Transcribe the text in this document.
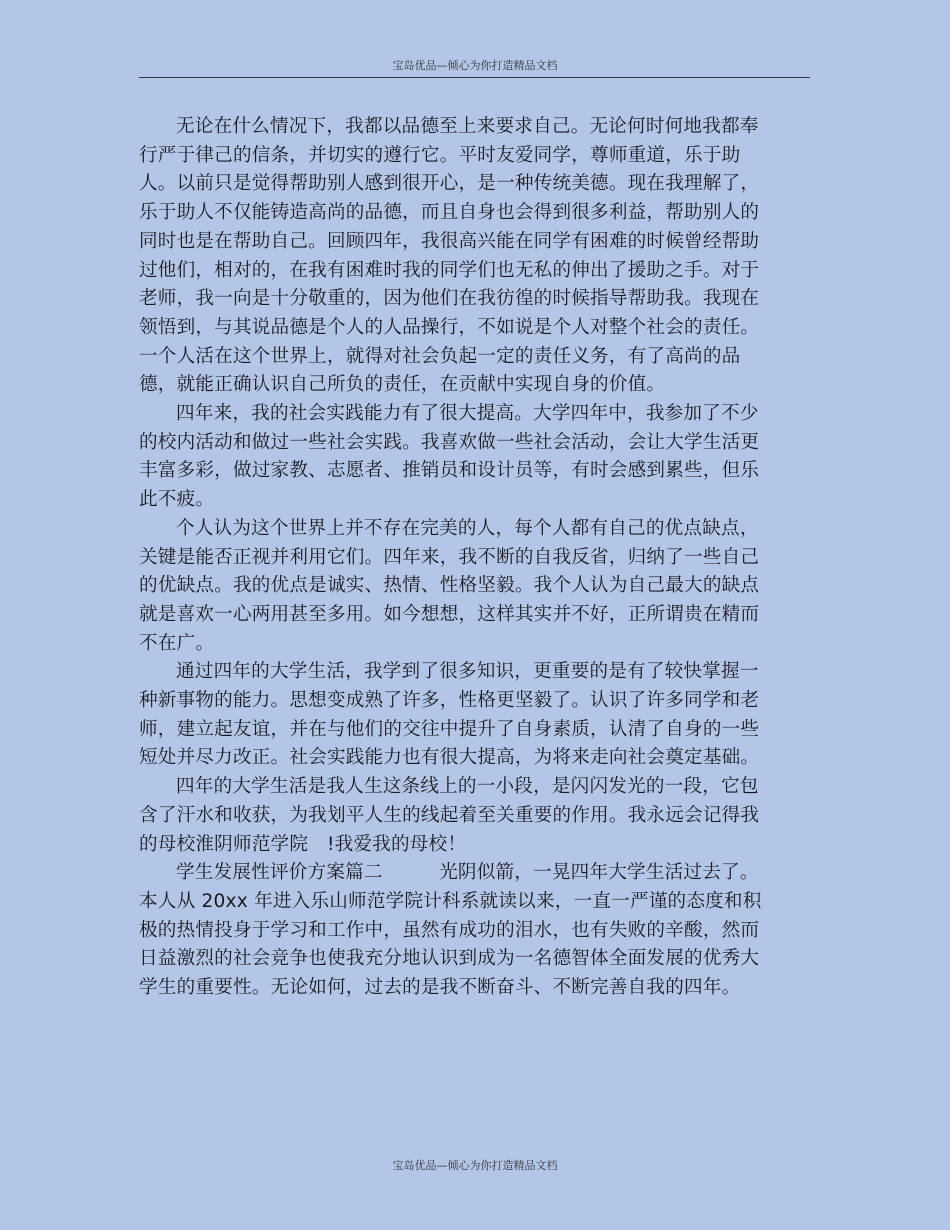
宝岛优品—倾心为你打造精品文档

无论在什么情况下，我都以品德至上来要求自己。无论何时何地我都奉行严于律己的信条，并切实的遵行它。平时友爱同学，尊师重道，乐于助人。以前只是觉得帮助别人感到很开心，是一种传统美德。现在我理解了，乐于助人不仅能铸造高尚的品德，而且自身也会得到很多利益，帮助别人的同时也是在帮助自己。回顾四年，我很高兴能在同学有困难的时候曾经帮助过他们，相对的，在我有困难时我的同学们也无私的伸出了援助之手。对于老师，我一向是十分敬重的，因为他们在我彷徨的时候指导帮助我。我现在领悟到，与其说品德是个人的人品操行，不如说是个人对整个社会的责任。一个人活在这个世界上，就得对社会负起一定的责任义务，有了高尚的品德，就能正确认识自己所负的责任，在贡献中实现自身的价值。

四年来，我的社会实践能力有了很大提高。大学四年中，我参加了不少的校内活动和做过一些社会实践。我喜欢做一些社会活动，会让大学生活更丰富多彩，做过家教、志愿者、推销员和设计员等，有时会感到累些，但乐此不疲。

个人认为这个世界上并不存在完美的人，每个人都有自己的优点缺点，关键是能否正视并利用它们。四年来，我不断的自我反省，归纳了一些自己的优缺点。我的优点是诚实、热情、性格坚毅。我个人认为自己最大的缺点就是喜欢一心两用甚至多用。如今想想，这样其实并不好，正所谓贵在精而不在广。

通过四年的大学生活，我学到了很多知识，更重要的是有了较快掌握一种新事物的能力。思想变成熟了许多，性格更坚毅了。认识了许多同学和老师，建立起友谊，并在与他们的交往中提升了自身素质，认清了自身的一些短处并尽力改正。社会实践能力也有很大提高，为将来走向社会奠定基础。

四年的大学生活是我人生这条线上的一小段，是闪闪发光的一段，它包含了汗水和收获，为我划平人生的线起着至关重要的作用。我永远会记得我的母校淮阴师范学院　!我爱我的母校！

学生发展性评价方案篇二　　　光阴似箭，一晃四年大学生活过去了。本人从 20xx 年进入乐山师范学院计科系就读以来，一直一严谨的态度和积极的热情投身于学习和工作中，虽然有成功的泪水，也有失败的辛酸，然而日益激烈的社会竞争也使我充分地认识到成为一名德智体全面发展的优秀大学生的重要性。无论如何，过去的是我不断奋斗、不断完善自我的四年。

宝岛优品—倾心为你打造精品文档
